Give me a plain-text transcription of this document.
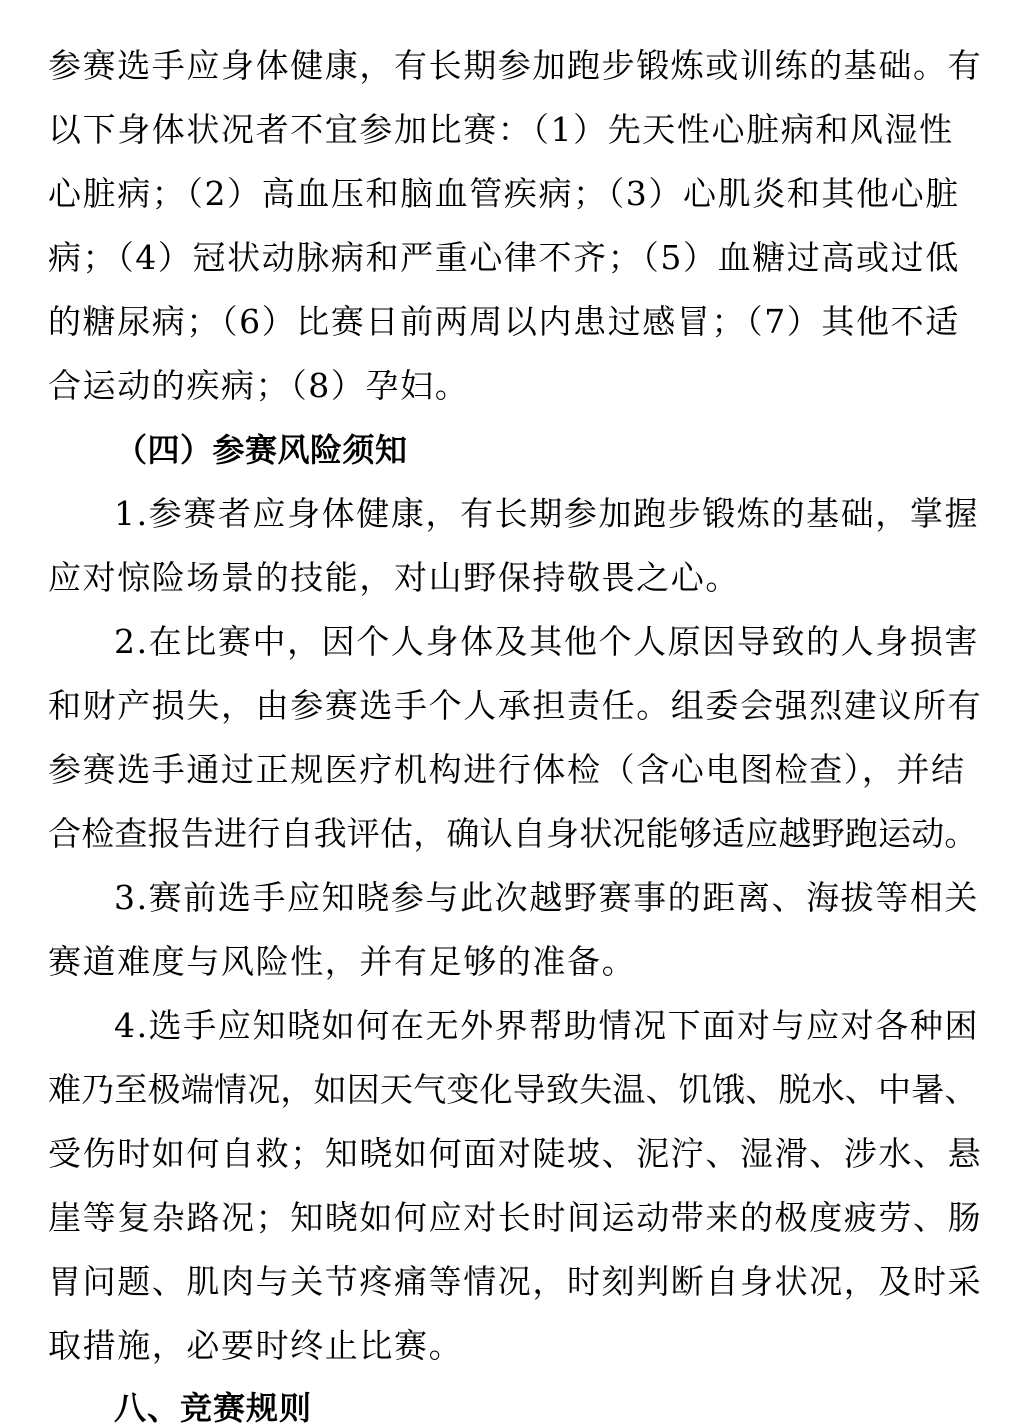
参赛选手应身体健康，有长期参加跑步锻炼或训练的基础。有
以下身体状况者不宜参加比赛：（1）先天性心脏病和风湿性
心脏病；（2）高血压和脑血管疾病；（3）心肌炎和其他心脏
病；（4）冠状动脉病和严重心律不齐；（5）血糖过高或过低
的糖尿病；（6）比赛日前两周以内患过感冒；（7）其他不适
合运动的疾病；（8）孕妇。
（四）参赛风险须知
1.参赛者应身体健康，有长期参加跑步锻炼的基础，掌握
应对惊险场景的技能，对山野保持敬畏之心。
2.在比赛中，因个人身体及其他个人原因导致的人身损害
和财产损失，由参赛选手个人承担责任。组委会强烈建议所有
参赛选手通过正规医疗机构进行体检（含心电图检查），并结
合检查报告进行自我评估，确认自身状况能够适应越野跑运动。
3.赛前选手应知晓参与此次越野赛事的距离、海拔等相关
赛道难度与风险性，并有足够的准备。
4.选手应知晓如何在无外界帮助情况下面对与应对各种困
难乃至极端情况，如因天气变化导致失温、饥饿、脱水、中暑、
受伤时如何自救；知晓如何面对陡坡、泥泞、湿滑、涉水、悬
崖等复杂路况；知晓如何应对长时间运动带来的极度疲劳、肠
胃问题、肌肉与关节疼痛等情况，时刻判断自身状况，及时采
取措施，必要时终止比赛。
八、竞赛规则
